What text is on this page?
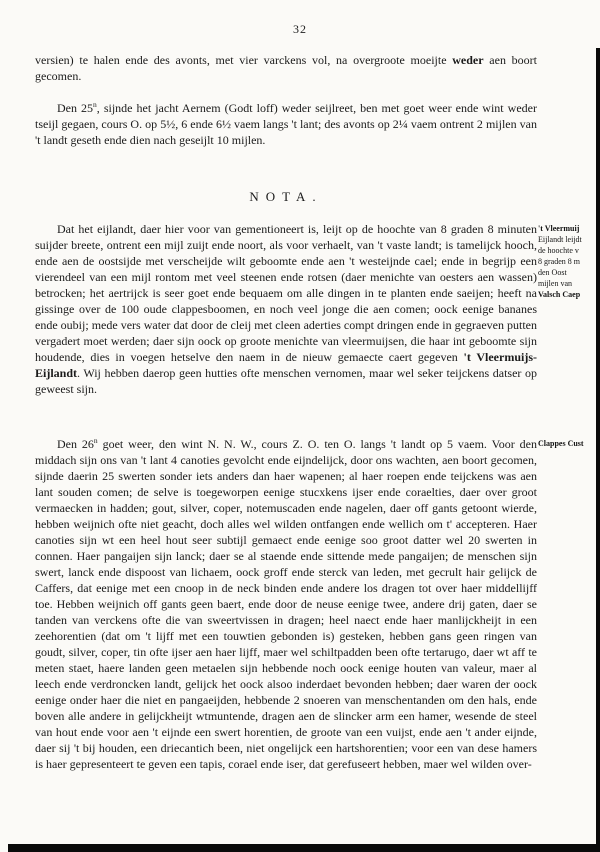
32

versien) te halen ende des avonts, met vier varckens vol, na overgroote moeijte weder aen boort gecomen.

Den 25$^n$, sijnde het jacht Aernem (Godt loff) weder seijlreet, ben met goet weer ende wint weder tseijl gegaen, cours O. op 5½, 6 ende 6½ vaem langs 't lant; des avonts op 2¼ vaem ontrent 2 mijlen van 't landt geseth ende dien nach geseijlt 10 mijlen.

NOTA.

Dat het eijlandt, daer hier voor van gementioneert is, leijt op de hoochte van 8 graden 8 minuten suijder breete, ontrent een mijl zuijt ende noort, als voor verhaelt, van 't vaste landt; is tamelijck hooch, ende aen de oostsijde met verscheijde wilt geboomte ende aen 't westeijnde cael; ende in begrijp een vierendeel van een mijl rontom met veel steenen ende rotsen (daer menichte van oesters aen wassen) betrocken; het aertrijck is seer goet ende bequaem om alle dingen in te planten ende saeijen; heeft na gissinge over de 100 oude clappesboomen, en noch veel jonge die aen comen; oock eenige bananes ende oubij; mede vers water dat door de cleij met cleen aderties compt dringen ende in gegraeven putten vergadert moet werden; daer sijn oock op groote menichte van vleermuijsen, die haar int geboomte sijn houdende, dies in voegen hetselve den naem in de nieuw gemaecte caert gegeven 't Vleermuijs-Eijlandt. Wij hebben daerop geen hutties ofte menschen vernomen, maar wel seker teijckens datser op geweest sijn.

Den 26$^n$ goet weer, den wint N. N. W., cours Z. O. ten O. langs 't landt op 5 vaem. Voor den middach sijn ons van 't lant 4 canoties gevolcht ende eijndelijck, door ons wachten, aen boort gecomen, sijnde daerin 25 swerten sonder iets anders dan haer wapenen; al haer roepen ende teijckens was aen lant souden comen; de selve is toegeworpen eenige stucxkens ijser ende coraelties, daer over groot vermaecken in hadden; gout, silver, coper, notemuscaden ende nagelen, daer off gants getoont wierde, hebben weijnich ofte niet geacht, doch alles wel wilden ontfangen ende wellich om t' accepteren. Haer canoties sijn wt een heel hout seer subtijl gemaect ende eenige soo groot datter wel 20 swerten in connen. Haer pangaijen sijn lanck; daer se al staende ende sittende mede pangaijen; de menschen sijn swert, lanck ende dispoost van lichaem, oock groff ende sterck van leden, met gecrult hair gelijck de Caffers, dat eenige met een cnoop in de neck binden ende andere los dragen tot over haer middellijff toe. Hebben weijnich off gants geen baert, ende door de neuse eenige twee, andere drij gaten, daer se tanden van verckens ofte die van sweertvissen in dragen; heel naect ende haer manlijckheijt in een zeehorentien (dat om 't lijff met een touwtien gebonden is) gesteken, hebben gans geen ringen van goudt, silver, coper, tin ofte ijser aen haer lijff, maer wel schiltpadden been ofte tertarugo, daer wt aff te meten staet, haere landen geen metaelen sijn hebbende noch oock eenige houten van valeur, maer al leech ende verdroncken landt, gelijck het oock alsoo inderdaet bevonden hebben; daer waren der oock eenige onder haer die niet en pangaeijden, hebbende 2 snoeren van menschentanden om den hals, ende boven alle andere in gelijckheijt wtmuntende, dragen aen de slincker arm een hamer, wesende de steel van hout ende voor aen 't eijnde een swert horentien, de groote van een vuijst, ende aen 't ander eijnde, daer sij 't bij houden, een driecantich been, niet ongelijck een hartshorentien; voor een van dese hamers is haer gepresenteert te geven een tapis, corael ende iser, dat gerefuseert hebben, maer wel wilden over-

't Vleermuij
Eijlandt leijdt
de hoochte v
8 graden 8 m
den Oost
mijlen van
Valsch Caep
Clappes Cust
